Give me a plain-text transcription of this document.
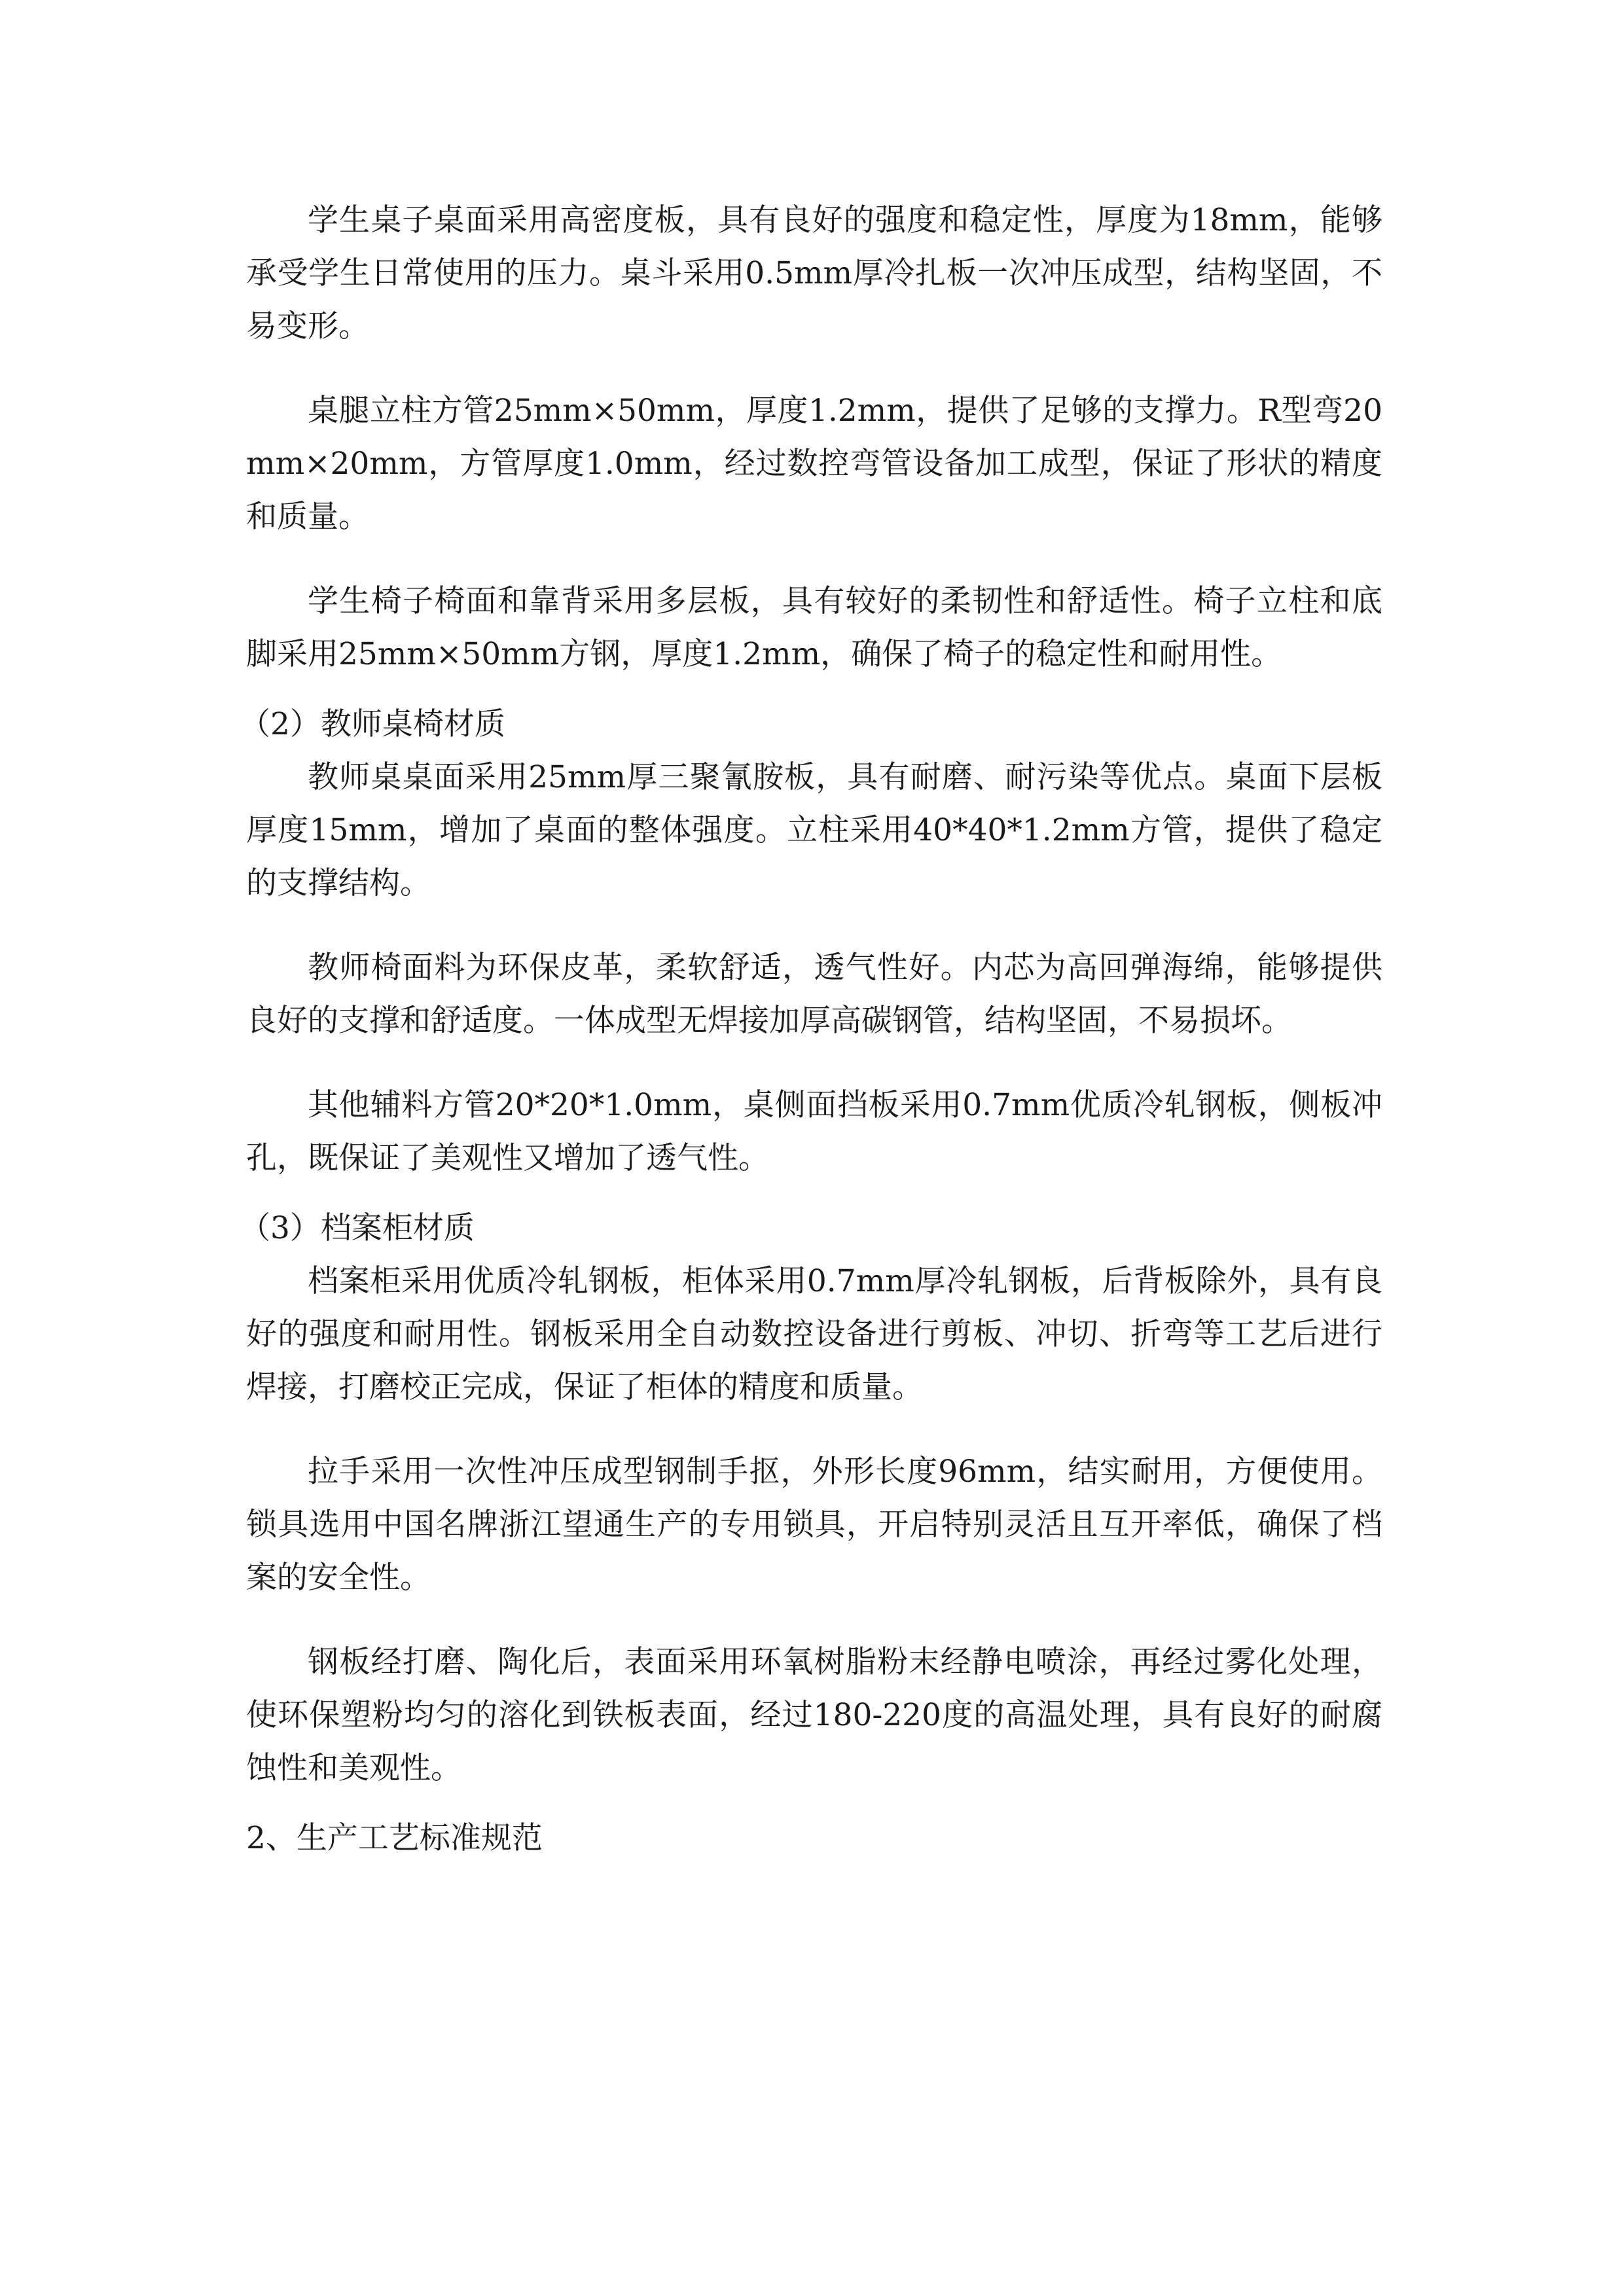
学生桌子桌面采用高密度板，具有良好的强度和稳定性，厚度为18mm，能够承受学生日常使用的压力。桌斗采用0.5mm厚冷扎板一次冲压成型，结构坚固，不易变形。

桌腿立柱方管25mm×50mm，厚度1.2mm，提供了足够的支撑力。R型弯20mm×20mm，方管厚度1.0mm，经过数控弯管设备加工成型，保证了形状的精度和质量。

学生椅子椅面和靠背采用多层板，具有较好的柔韧性和舒适性。椅子立柱和底脚采用25mm×50mm方钢，厚度1.2mm，确保了椅子的稳定性和耐用性。

（2）教师桌椅材质

教师桌桌面采用25mm厚三聚氰胺板，具有耐磨、耐污染等优点。桌面下层板厚度15mm，增加了桌面的整体强度。立柱采用40*40*1.2mm方管，提供了稳定的支撑结构。

教师椅面料为环保皮革，柔软舒适，透气性好。内芯为高回弹海绵，能够提供良好的支撑和舒适度。一体成型无焊接加厚高碳钢管，结构坚固，不易损坏。

其他辅料方管20*20*1.0mm，桌侧面挡板采用0.7mm优质冷轧钢板，侧板冲孔，既保证了美观性又增加了透气性。

（3）档案柜材质

档案柜采用优质冷轧钢板，柜体采用0.7mm厚冷轧钢板，后背板除外，具有良好的强度和耐用性。钢板采用全自动数控设备进行剪板、冲切、折弯等工艺后进行焊接，打磨校正完成，保证了柜体的精度和质量。

拉手采用一次性冲压成型钢制手抠，外形长度96mm，结实耐用，方便使用。锁具选用中国名牌浙江望通生产的专用锁具，开启特别灵活且互开率低，确保了档案的安全性。

钢板经打磨、陶化后，表面采用环氧树脂粉末经静电喷涂，再经过雾化处理，使环保塑粉均匀的溶化到铁板表面，经过180-220度的高温处理，具有良好的耐腐蚀性和美观性。

2、生产工艺标准规范
